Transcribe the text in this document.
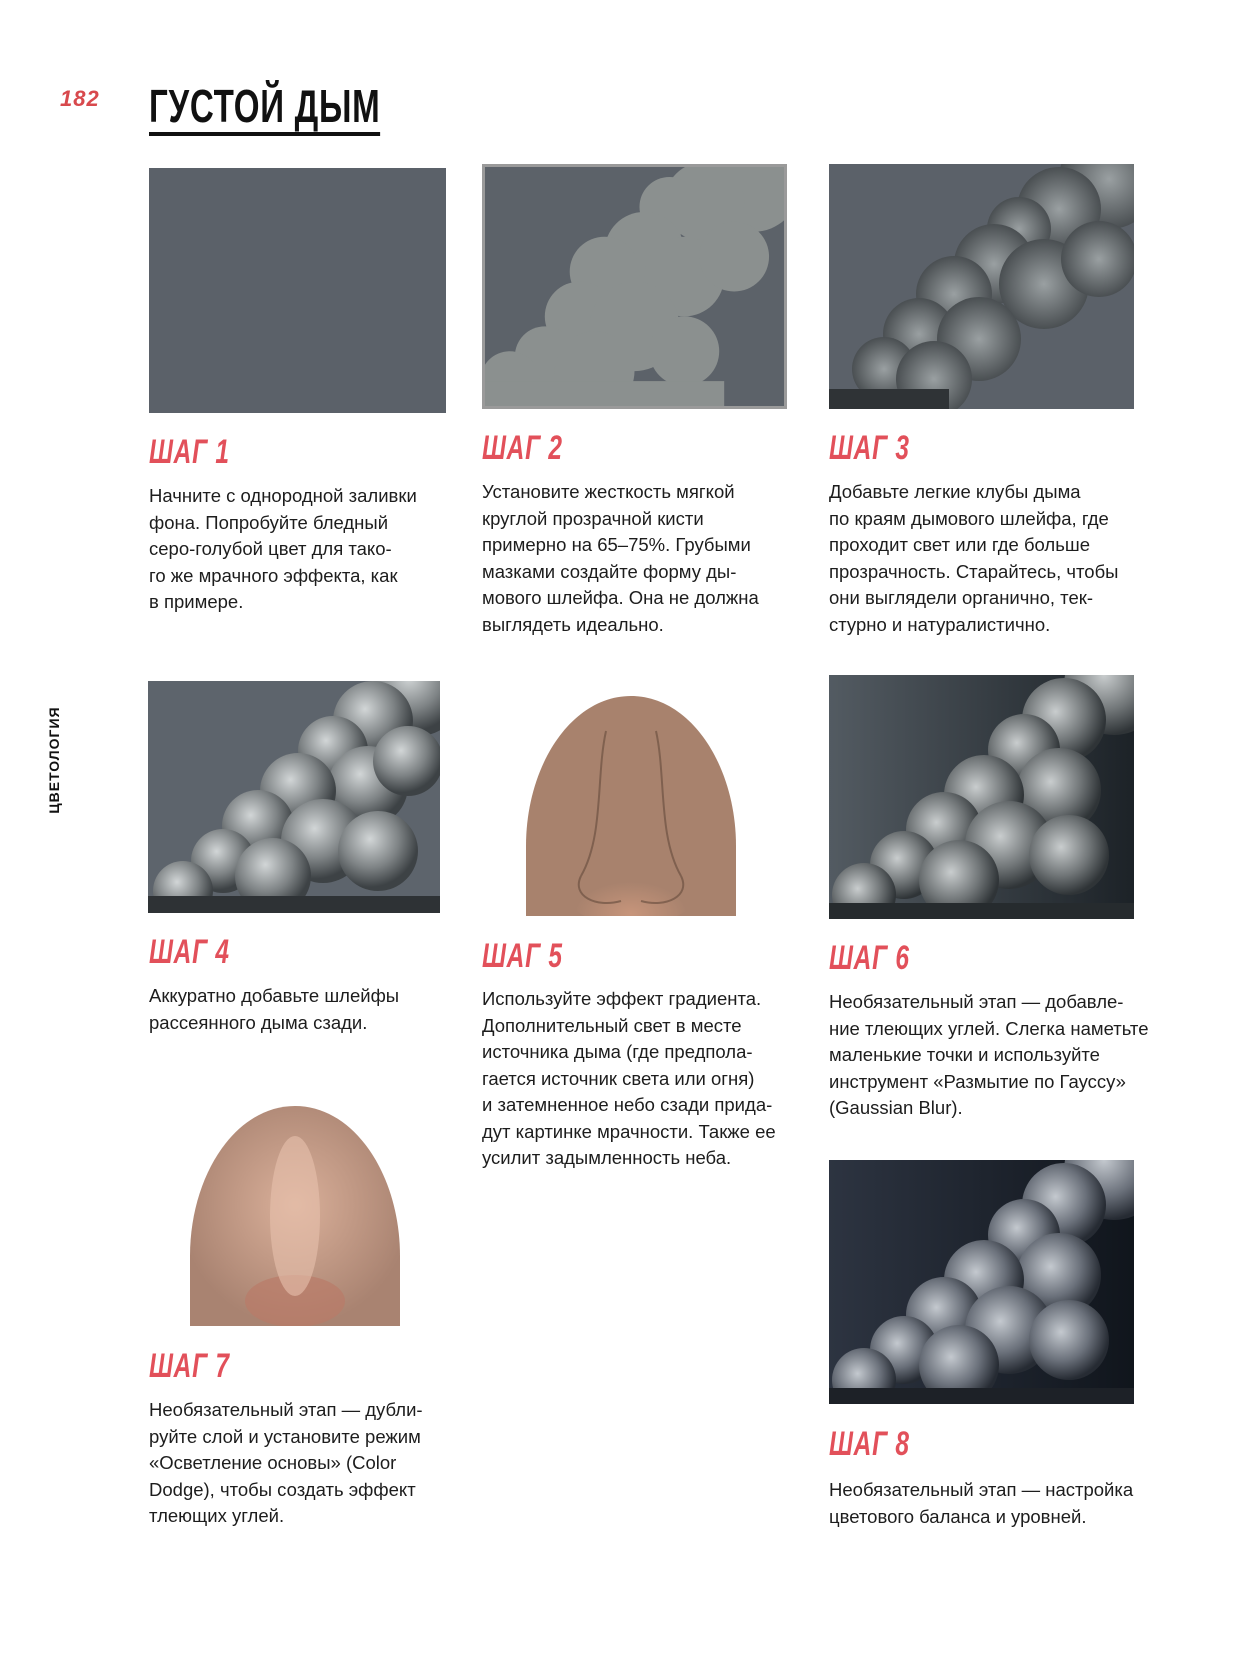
182 ГУСТОЙ ДЫМ
ЦВЕТОЛОГИЯ
ШАГ 1	ШАГ 2	ШАГ 3
ШАГ 4	ШАГ 5	ШАГ 6
ШАГ 7
ШАГ 8
Начните с однородной заливки
фона. Попробуйте бледный
серо-голубой цвет для тако-
го же мрачного эффекта, как
в примере.
Установите жесткость мягкой
круглой прозрачной кисти
примерно на 65–75%. Грубыми
мазками создайте форму ды-
мового шлейфа. Она не должна
выглядеть идеально.
Добавьте легкие клубы дыма
по краям дымового шлейфа, где
проходит свет или где больше
прозрачность. Старайтесь, чтобы
они выглядели органично, тек-
стурно и натуралистично.
Аккуратно добавьте шлейфы
рассеянного дыма сзади.
Используйте эффект градиента.
Дополнительный свет в месте
источника дыма (где предпола-
гается источник света или огня)
и затемненное небо сзади прида-
дут картинке мрачности. Также ее
усилит задымленность неба.
Необязательный этап — добавле-
ние тлеющих углей. Слегка наметьте
маленькие точки и используйте
инструмент «Размытие по Гауссу»
(Gaussian Blur).
Необязательный этап — дубли-
руйте слой и установите режим
«Осветление основы» (Color
Dodge), чтобы создать эффект
тлеющих углей.
Необязательный этап — настройка
цветового баланса и уровней.
